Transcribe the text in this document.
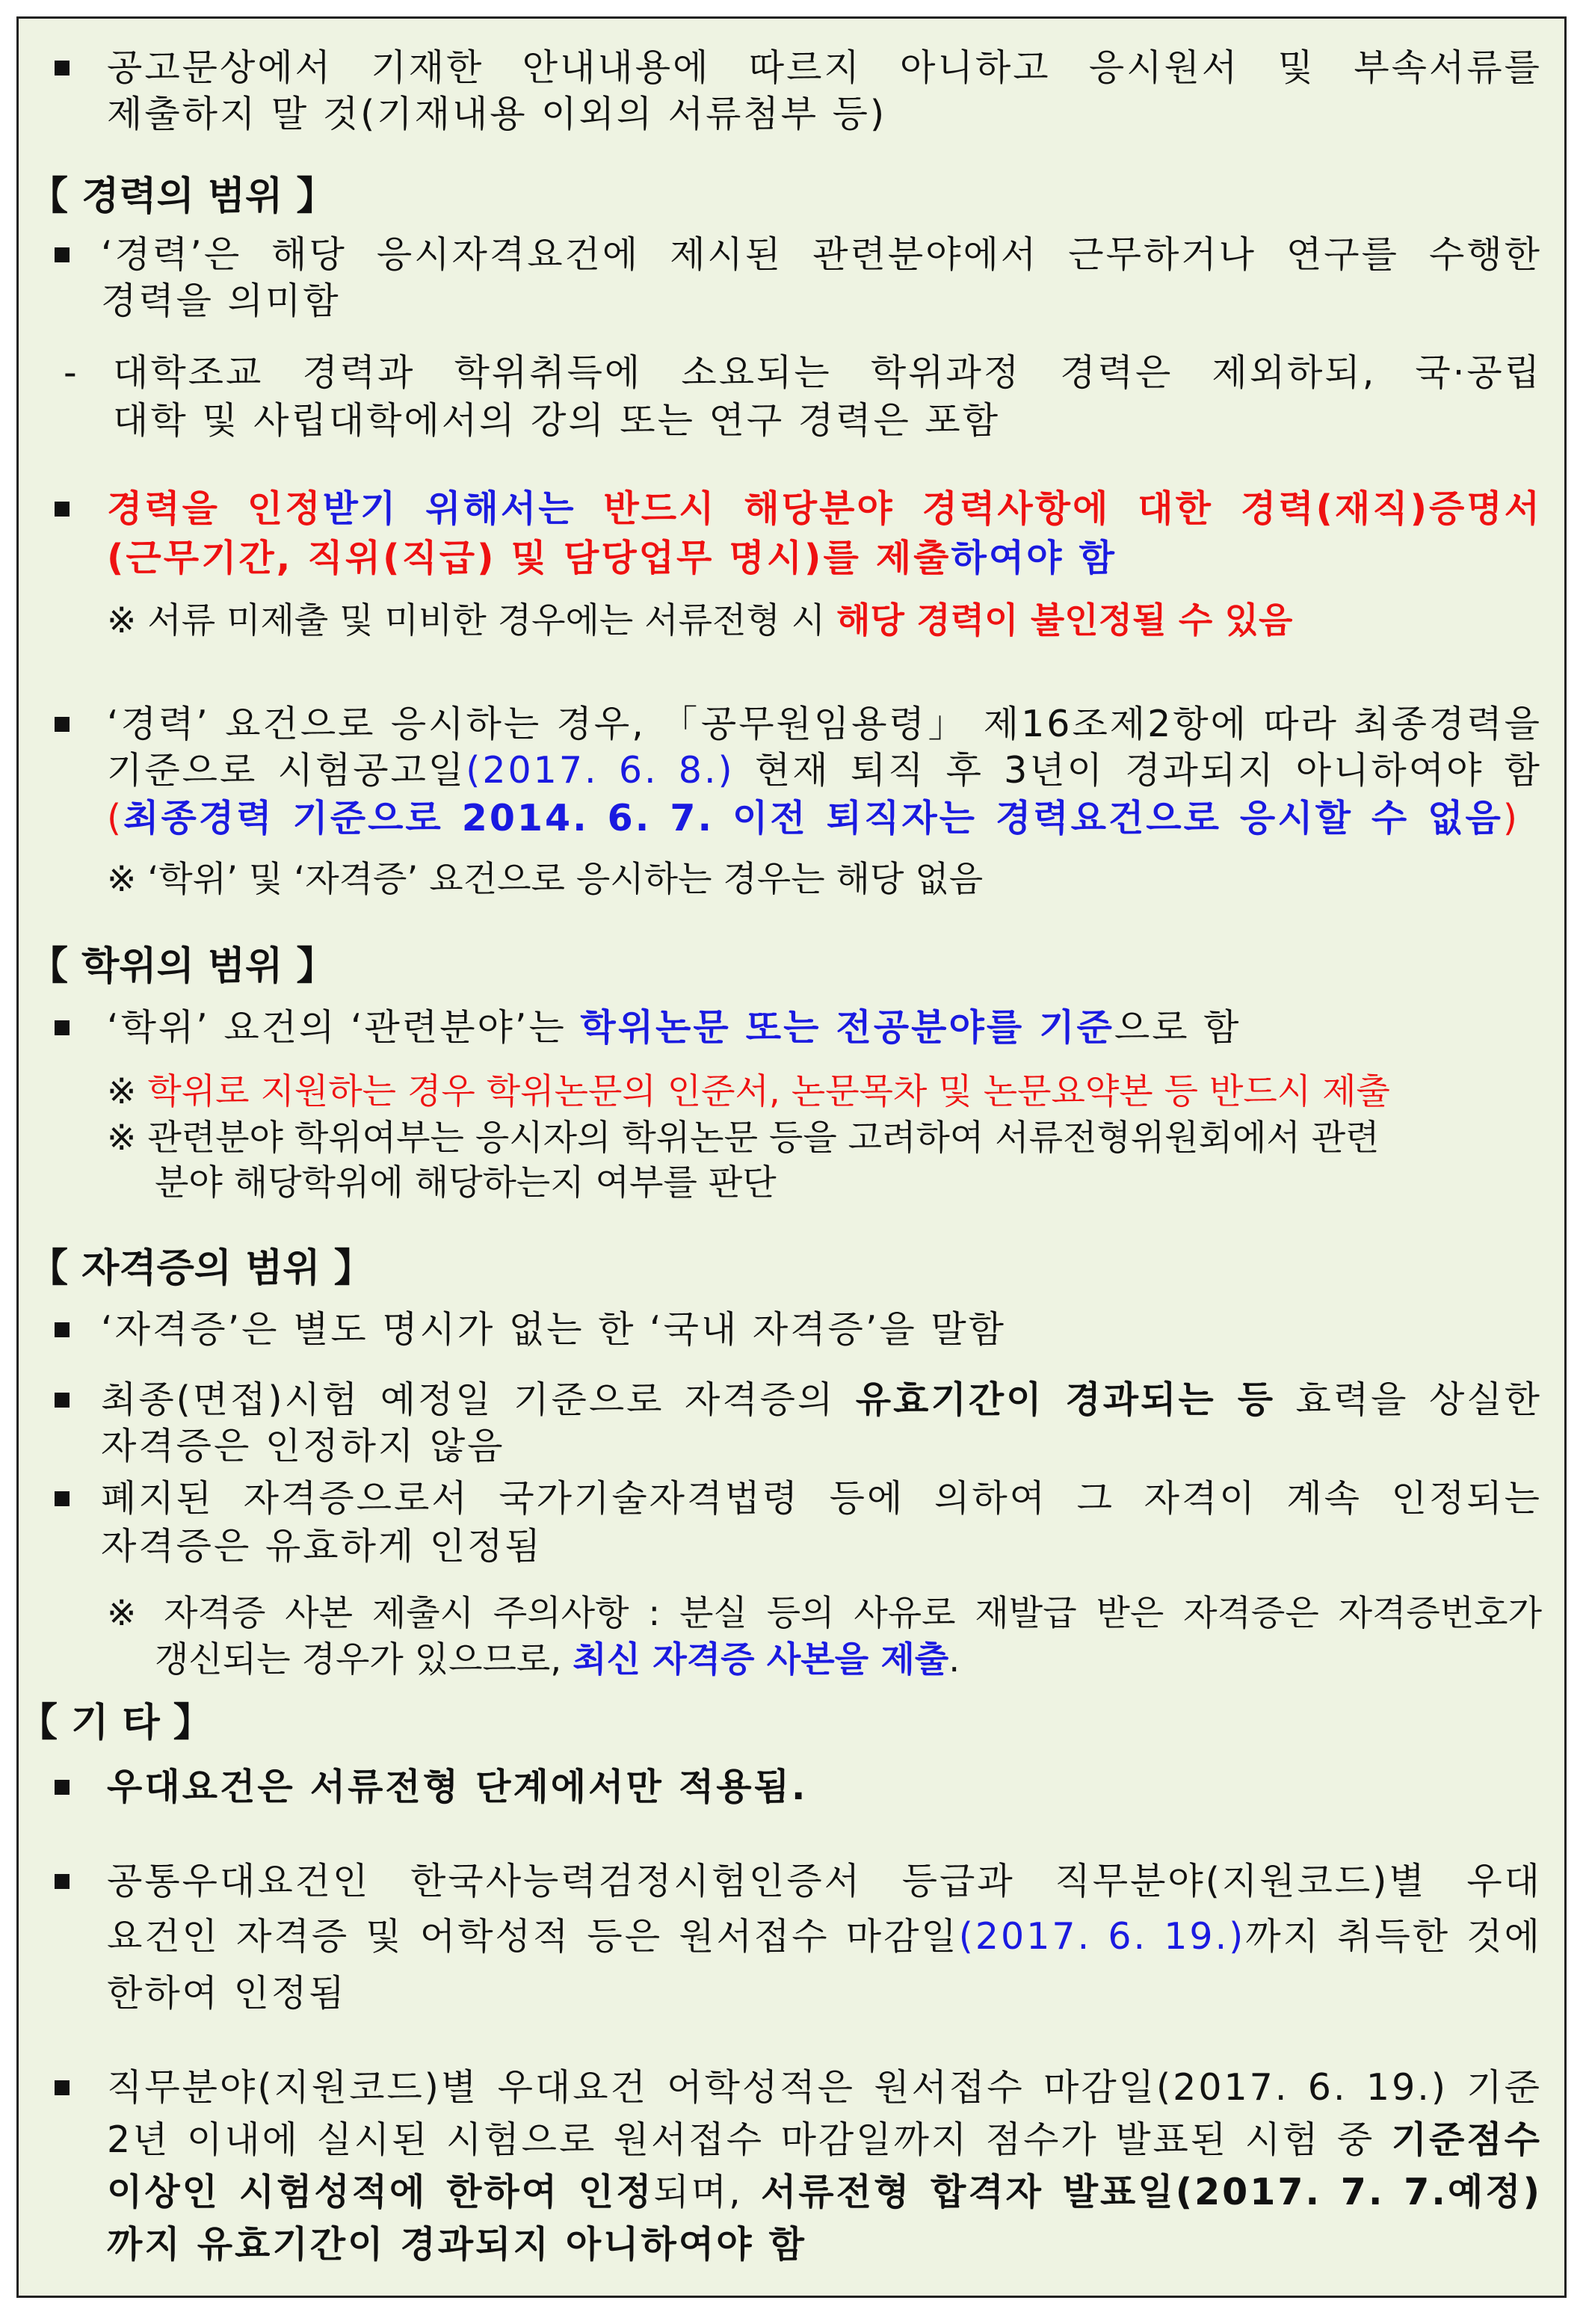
공고문상에서 기재한 안내내용에 따르지 아니하고 응시원서 및 부속서류를
제출하지 말 것(기재내용 이외의 서류첨부 등)
【 경력의 범위 】
‘경력’은 해당 응시자격요건에 제시된 관련분야에서 근무하거나 연구를 수행한
경력을 의미함
- 대학조교 경력과 학위취득에 소요되는 학위과정 경력은 제외하되, 국·공립
대학 및 사립대학에서의 강의 또는 연구 경력은 포함
경력을 인정받기 위해서는 반드시 해당분야 경력사항에 대한 경력(재직)증명서
(근무기간, 직위(직급) 및 담당업무 명시)를 제출하여야 함
※ 서류 미제출 및 미비한 경우에는 서류전형 시 해당 경력이 불인정될 수 있음
‘경력’ 요건으로 응시하는 경우, 「공무원임용령」 제16조제2항에 따라 최종경력을
기준으로 시험공고일(2017. 6. 8.) 현재 퇴직 후 3년이 경과되지 아니하여야 함
(최종경력 기준으로 2014. 6. 7. 이전 퇴직자는 경력요건으로 응시할 수 없음)
※ ‘학위’ 및 ‘자격증’ 요건으로 응시하는 경우는 해당 없음
【 학위의 범위 】
‘학위’ 요건의 ‘관련분야’는 학위논문 또는 전공분야를 기준으로 함
※ 학위로 지원하는 경우 학위논문의 인준서, 논문목차 및 논문요약본 등 반드시 제출
※ 관련분야 학위여부는 응시자의 학위논문 등을 고려하여 서류전형위원회에서 관련
분야 해당학위에 해당하는지 여부를 판단
【 자격증의 범위 】
‘자격증’은 별도 명시가 없는 한 ‘국내 자격증’을 말함
최종(면접)시험 예정일 기준으로 자격증의 유효기간이 경과되는 등 효력을 상실한
자격증은 인정하지 않음
폐지된 자격증으로서 국가기술자격법령 등에 의하여 그 자격이 계속 인정되는
자격증은 유효하게 인정됨
※ 자격증 사본 제출시 주의사항 : 분실 등의 사유로 재발급 받은 자격증은 자격증번호가
갱신되는 경우가 있으므로, 최신 자격증 사본을 제출.
【 기 타 】
우대요건은 서류전형 단계에서만 적용됨.
공통우대요건인 한국사능력검정시험인증서 등급과 직무분야(지원코드)별 우대
요건인 자격증 및 어학성적 등은 원서접수 마감일(2017. 6. 19.)까지 취득한 것에
한하여 인정됨
직무분야(지원코드)별 우대요건 어학성적은 원서접수 마감일(2017. 6. 19.) 기준
2년 이내에 실시된 시험으로 원서접수 마감일까지 점수가 발표된 시험 중 기준점수
이상인 시험성적에 한하여 인정되며, 서류전형 합격자 발표일(2017. 7. 7.예정)
까지 유효기간이 경과되지 아니하여야 함
